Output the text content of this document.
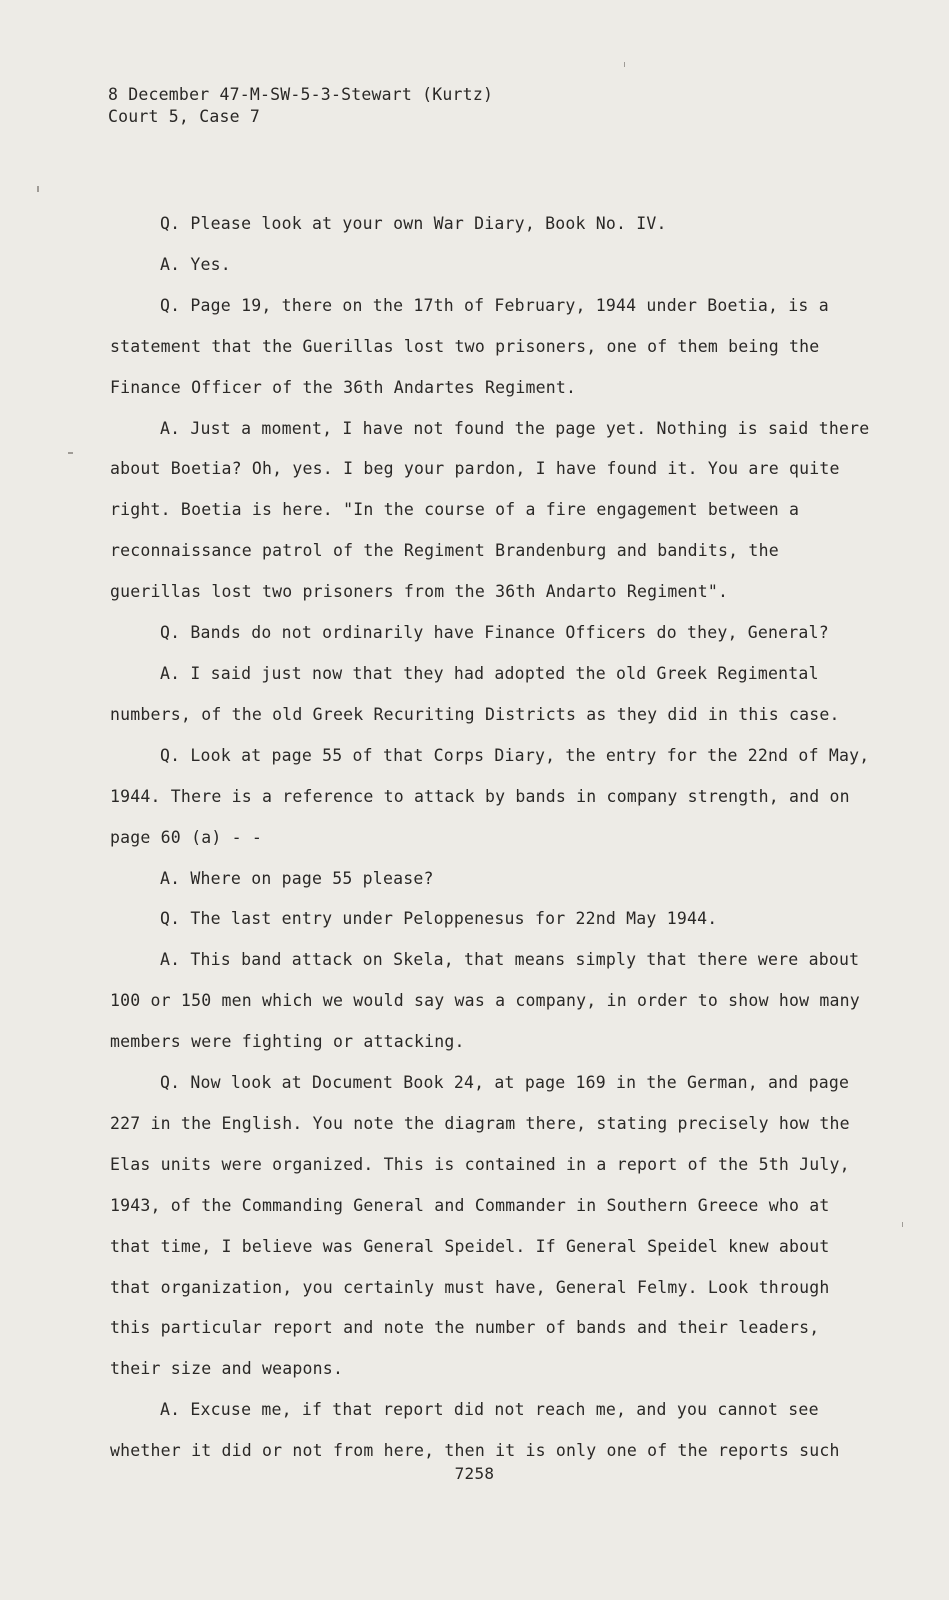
8 December 47-M-SW-5-3-Stewart (Kurtz)
Court 5, Case 7

Q. Please look at your own War Diary, Book No. IV.

A. Yes.

Q. Page 19, there on the 17th of February, 1944 under Boetia, is a statement that the Guerillas lost two prisoners, one of them being the Finance Officer of the 36th Andartes Regiment.

A. Just a moment, I have not found the page yet. Nothing is said there about Boetia? Oh, yes. I beg your pardon, I have found it. You are quite right. Boetia is here. "In the course of a fire engagement between a reconnaissance patrol of the Regiment Brandenburg and bandits, the guerillas lost two prisoners from the 36th Andarto Regiment".

Q. Bands do not ordinarily have Finance Officers do they, General?

A. I said just now that they had adopted the old Greek Regimental numbers, of the old Greek Recuriting Districts as they did in this case.

Q. Look at page 55 of that Corps Diary, the entry for the 22nd of May, 1944. There is a reference to attack by bands in company strength, and on page 60 (a) - -

A. Where on page 55 please?

Q. The last entry under Peloppenesus for 22nd May 1944.

A. This band attack on Skela, that means simply that there were about 100 or 150 men which we would say was a company, in order to show how many members were fighting or attacking.

Q. Now look at Document Book 24, at page 169 in the German, and page 227 in the English. You note the diagram there, stating precisely how the Elas units were organized. This is contained in a report of the 5th July, 1943, of the Commanding General and Commander in Southern Greece who at that time, I believe was General Speidel. If General Speidel knew about that organization, you certainly must have, General Felmy. Look through this particular report and note the number of bands and their leaders, their size and weapons.

A. Excuse me, if that report did not reach me, and you cannot see whether it did or not from here, then it is only one of the reports such

7258
